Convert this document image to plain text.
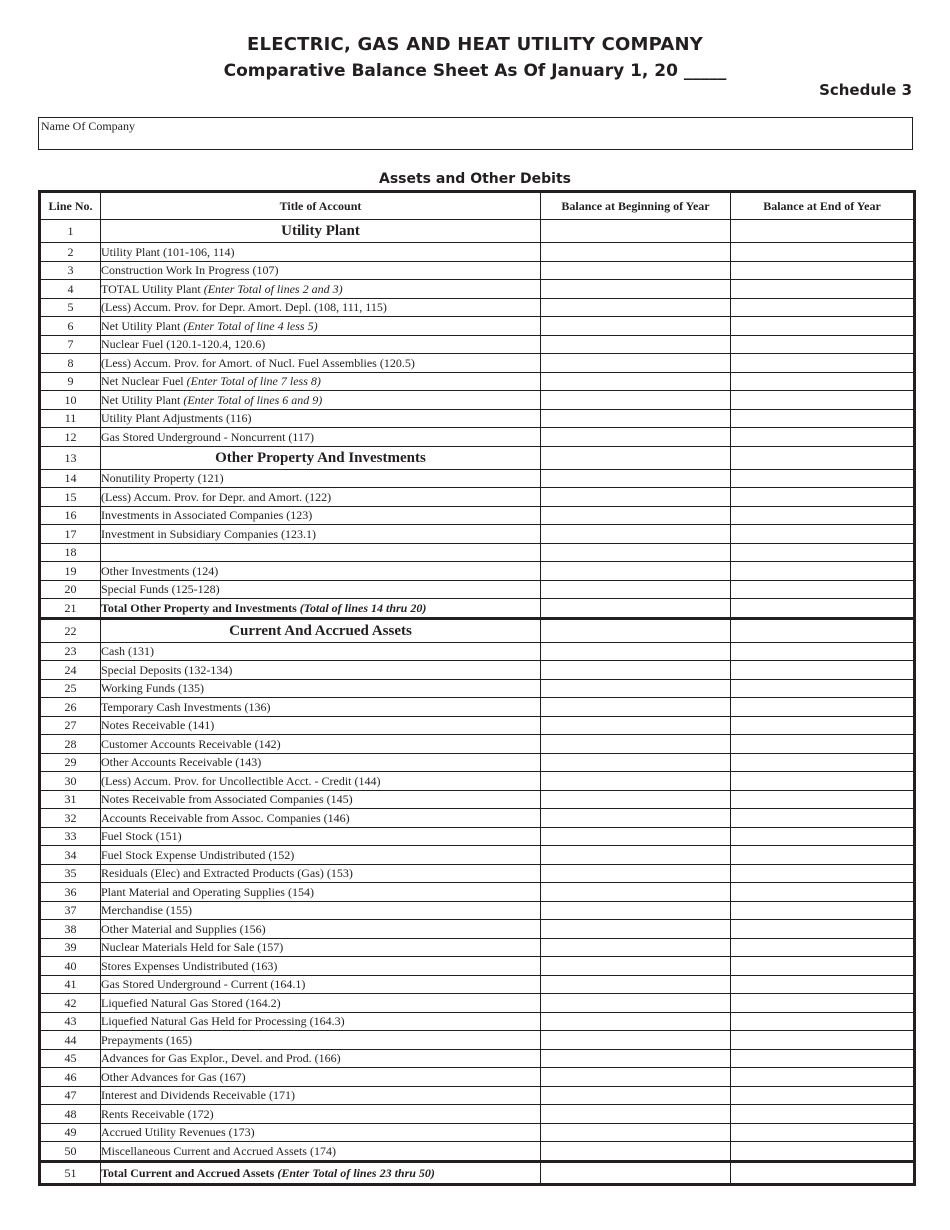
ELECTRIC, GAS AND HEAT UTILITY COMPANY
Comparative Balance Sheet As Of January 1, 20 _____
Schedule 3
Name Of Company
Assets and Other Debits
Line No.	Title of Account	Balance at Beginning of Year	Balance at End of Year
1	Utility Plant		
2	Utility Plant (101-106, 114)		
3	Construction Work In Progress (107)		
4	TOTAL Utility Plant (Enter Total of lines 2 and 3)		
5	(Less) Accum. Prov. for Depr. Amort. Depl. (108, 111, 115)		
6	Net Utility Plant (Enter Total of line 4 less 5)		
7	Nuclear Fuel (120.1-120.4, 120.6)		
8	(Less) Accum. Prov. for Amort. of Nucl. Fuel Assemblies (120.5)		
9	Net Nuclear Fuel (Enter Total of line 7 less 8)		
10	Net Utility Plant (Enter Total of lines 6 and 9)		
11	Utility Plant Adjustments (116)		
12	Gas Stored Underground - Noncurrent (117)		
13	Other Property And Investments		
14	Nonutility Property (121)		
15	(Less) Accum. Prov. for Depr. and Amort. (122)		
16	Investments in Associated Companies (123)		
17	Investment in Subsidiary Companies (123.1)		
18			
19	Other Investments (124)		
20	Special Funds (125-128)		
21	Total Other Property and Investments (Total of lines 14 thru 20)		
22	Current And Accrued Assets		
23	Cash (131)		
24	Special Deposits (132-134)		
25	Working Funds (135)		
26	Temporary Cash Investments (136)		
27	Notes Receivable (141)		
28	Customer Accounts Receivable (142)		
29	Other Accounts Receivable (143)		
30	(Less) Accum. Prov. for Uncollectible Acct. - Credit (144)		
31	Notes Receivable from Associated Companies (145)		
32	Accounts Receivable from Assoc. Companies (146)		
33	Fuel Stock (151)		
34	Fuel Stock Expense Undistributed (152)		
35	Residuals (Elec) and Extracted Products (Gas) (153)		
36	Plant Material and Operating Supplies (154)		
37	Merchandise (155)		
38	Other Material and Supplies (156)		
39	Nuclear Materials Held for Sale (157)		
40	Stores Expenses Undistributed (163)		
41	Gas Stored Underground - Current (164.1)		
42	Liquefied Natural Gas Stored (164.2)		
43	Liquefied Natural Gas Held for Processing (164.3)		
44	Prepayments (165)		
45	Advances for Gas Explor., Devel. and Prod. (166)		
46	Other Advances for Gas (167)		
47	Interest and Dividends Receivable (171)		
48	Rents Receivable (172)		
49	Accrued Utility Revenues (173)		
50	Miscellaneous Current and Accrued Assets (174)		
51	Total Current and Accrued Assets (Enter Total of lines 23 thru 50)		
